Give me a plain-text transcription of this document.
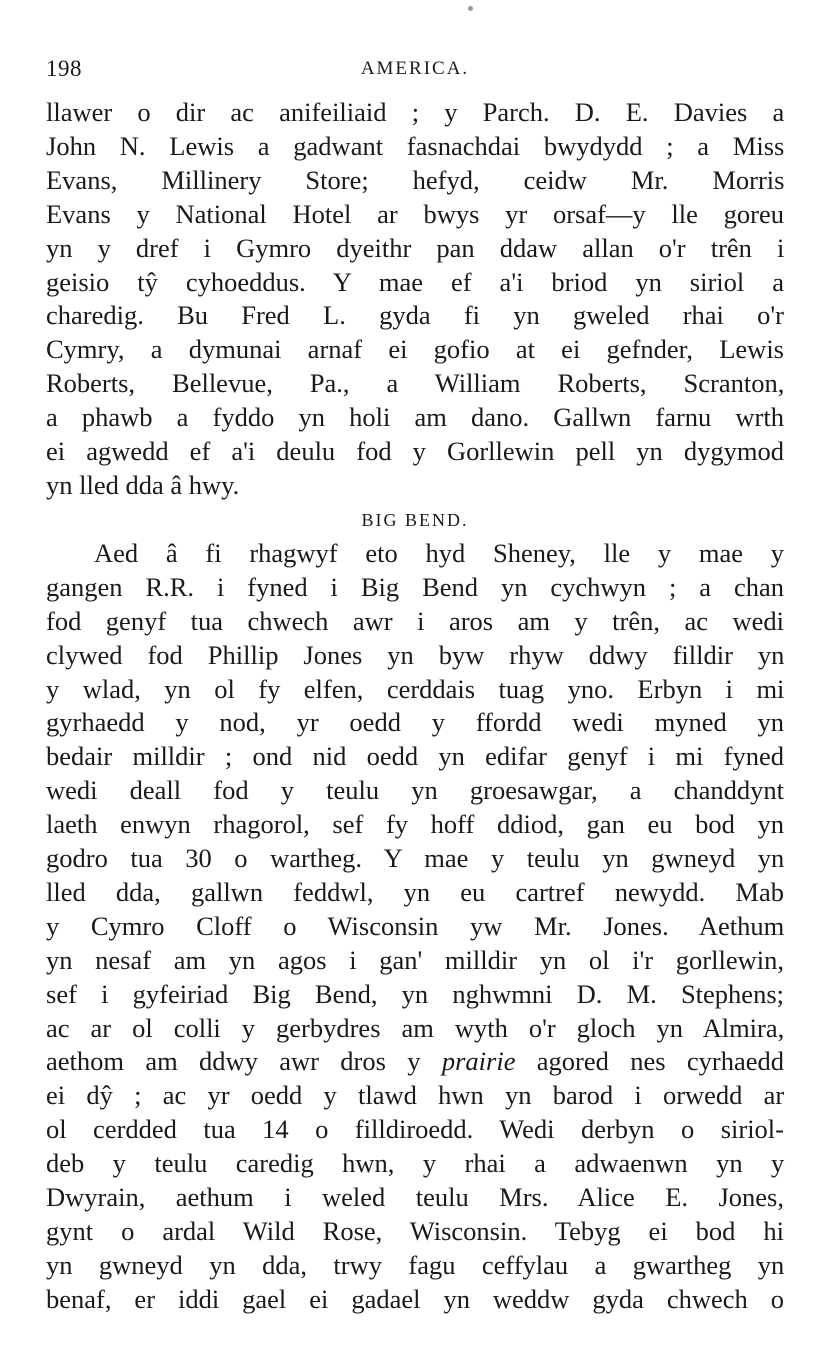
198	AMERICA.
llawer o dir ac anifeiliaid ; y Parch. D. E. Davies a
John N. Lewis a gadwant fasnachdai bwydydd ; a Miss
Evans, Millinery Store; hefyd, ceidw Mr. Morris
Evans y National Hotel ar bwys yr orsaf—y lle goreu
yn y dref i Gymro dyeithr pan ddaw allan o'r trên i
geisio tŷ cyhoeddus. Y mae ef a'i briod yn siriol a
charedig. Bu Fred L. gyda fi yn gweled rhai o'r
Cymry, a dymunai arnaf ei gofio at ei gefnder, Lewis
Roberts, Bellevue, Pa., a William Roberts, Scranton,
a phawb a fyddo yn holi am dano. Gallwn farnu wrth
ei agwedd ef a'i deulu fod y Gorllewin pell yn dygymod
yn lled dda â hwy.
BIG BEND.
Aed â fi rhagwyf eto hyd Sheney, lle y mae y
gangen R.R. i fyned i Big Bend yn cychwyn ; a chan
fod genyf tua chwech awr i aros am y trên, ac wedi
clywed fod Phillip Jones yn byw rhyw ddwy filldir yn
y wlad, yn ol fy elfen, cerddais tuag yno. Erbyn i mi
gyrhaedd y nod, yr oedd y ffordd wedi myned yn
bedair milldir ; ond nid oedd yn edifar genyf i mi fyned
wedi deall fod y teulu yn groesawgar, a chanddynt
laeth enwyn rhagorol, sef fy hoff ddiod, gan eu bod yn
godro tua 30 o wartheg. Y mae y teulu yn gwneyd yn
lled dda, gallwn feddwl, yn eu cartref newydd. Mab
y Cymro Cloff o Wisconsin yw Mr. Jones. Aethum
yn nesaf am yn agos i gan' milldir yn ol i'r gorllewin,
sef i gyfeiriad Big Bend, yn nghwmni D. M. Stephens;
ac ar ol colli y gerbydres am wyth o'r gloch yn Almira,
aethom am ddwy awr dros y prairie agored nes cyrhaedd
ei dŷ ; ac yr oedd y tlawd hwn yn barod i orwedd ar
ol cerdded tua 14 o filldiroedd. Wedi derbyn o siriol-
deb y teulu caredig hwn, y rhai a adwaenwn yn y
Dwyrain, aethum i weled teulu Mrs. Alice E. Jones,
gynt o ardal Wild Rose, Wisconsin. Tebyg ei bod hi
yn gwneyd yn dda, trwy fagu ceffylau a gwartheg yn
benaf, er iddi gael ei gadael yn weddw gyda chwech o
